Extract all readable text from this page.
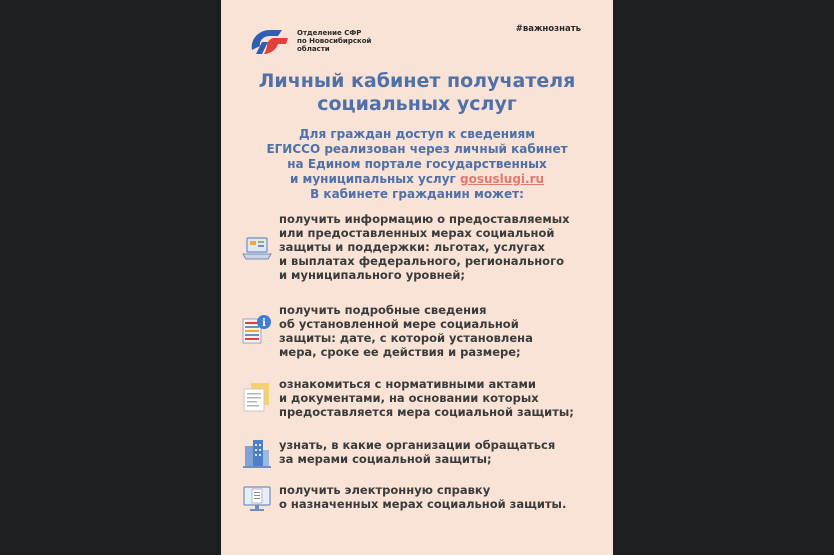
Отделение СФР
по Новосибирской
области
#важнознать
Личный кабинет получателя
социальных услуг
Для граждан доступ к сведениям
ЕГИССО реализован через личный кабинет
на Едином портале государственных
и муниципальных услуг gosuslugi.ru
В кабинете гражданин может:
получить информацию о предоставляемых
или предоставленных мерах социальной
защиты и поддержки: льготах, услугах
и выплатах федерального, регионального
и муниципального уровней;
i
получить подробные сведения
об установленной мере социальной
защиты: дате, с которой установлена
мера, сроке ее действия и размере;
ознакомиться с нормативными актами
и документами, на основании которых
предоставляется мера социальной защиты;
узнать, в какие организации обращаться
за мерами социальной защиты;
получить электронную справку
о назначенных мерах социальной защиты.
